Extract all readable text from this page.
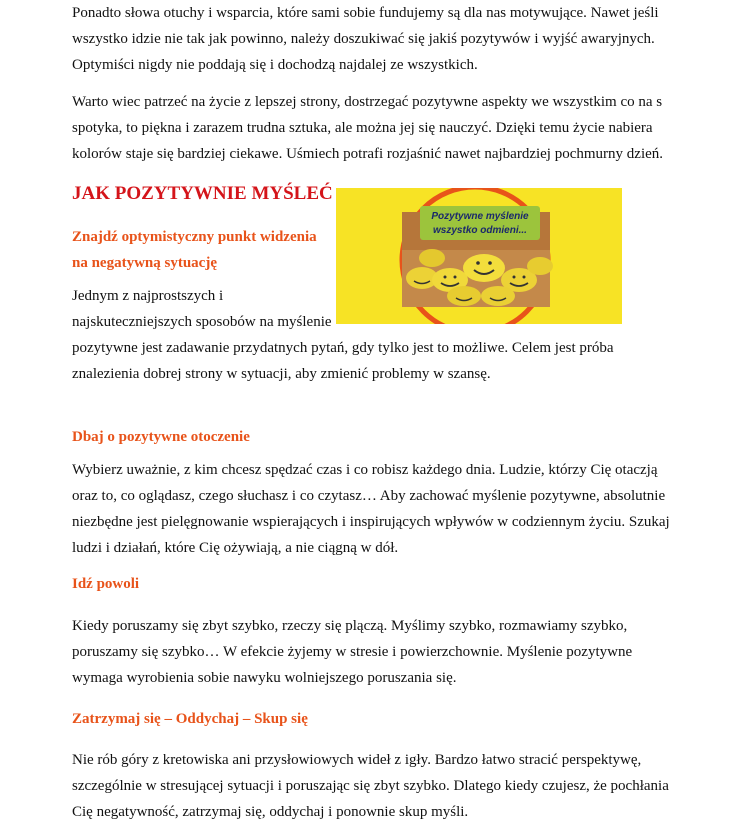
Ponadto słowa otuchy i wsparcia, które sami sobie fundujemy są dla nas motywujące. Nawet jeśli wszystko idzie nie tak jak powinno, należy doszukiwać się jakiś pozytywów i wyjść awaryjnych. Optymiści nigdy nie poddają się i dochodzą najdalej ze wszystkich.

Warto wiec patrzeć na życie z lepszej strony, dostrzegać pozytywne aspekty we wszystkim co na s spotyka, to piękna i zarazem trudna sztuka, ale można jej się nauczyć. Dzięki temu życie nabiera kolorów staje się bardziej ciekawe. Uśmiech potrafi rozjaśnić nawet najbardziej pochmurny dzień.

JAK POZYTYWNIE MYŚLEĆ
Pozytywne myślenie
wszystko odmieni...
Znajdź optymistyczny punkt widzenia
na negatywną sytuację

Jednym z najprostszych i
najskuteczniejszych sposobów na myślenie
pozytywne jest zadawanie przydatnych pytań, gdy tylko jest to możliwe. Celem jest próba znalezienia dobrej strony w sytuacji, aby zmienić problemy w szansę.

Dbaj o pozytywne otoczenie

Wybierz uważnie, z kim chcesz spędzać czas i co robisz każdego dnia. Ludzie, którzy Cię otaczją oraz to, co oglądasz, czego słuchasz i co czytasz… Aby zachować myślenie pozytywne, absolutnie niezbędne jest pielęgnowanie wspierających i inspirujących wpływów w codziennym życiu. Szukaj ludzi i działań, które Cię ożywiają, a nie ciągną w dół.

Idź powoli

Kiedy poruszamy się zbyt szybko, rzeczy się plączą. Myślimy szybko, rozmawiamy szybko, poruszamy się szybko… W efekcie żyjemy w stresie i powierzchownie. Myślenie pozytywne wymaga wyrobienia sobie nawyku wolniejszego poruszania się.

Zatrzymaj się – Oddychaj – Skup się

Nie rób góry z kretowiska ani przysłowiowych wideł z igły. Bardzo łatwo stracić perspektywę, szczególnie w stresującej sytuacji i poruszając się zbyt szybko. Dlatego kiedy czujesz, że pochłania Cię negatywność, zatrzymaj się, oddychaj i ponownie skup myśli.
